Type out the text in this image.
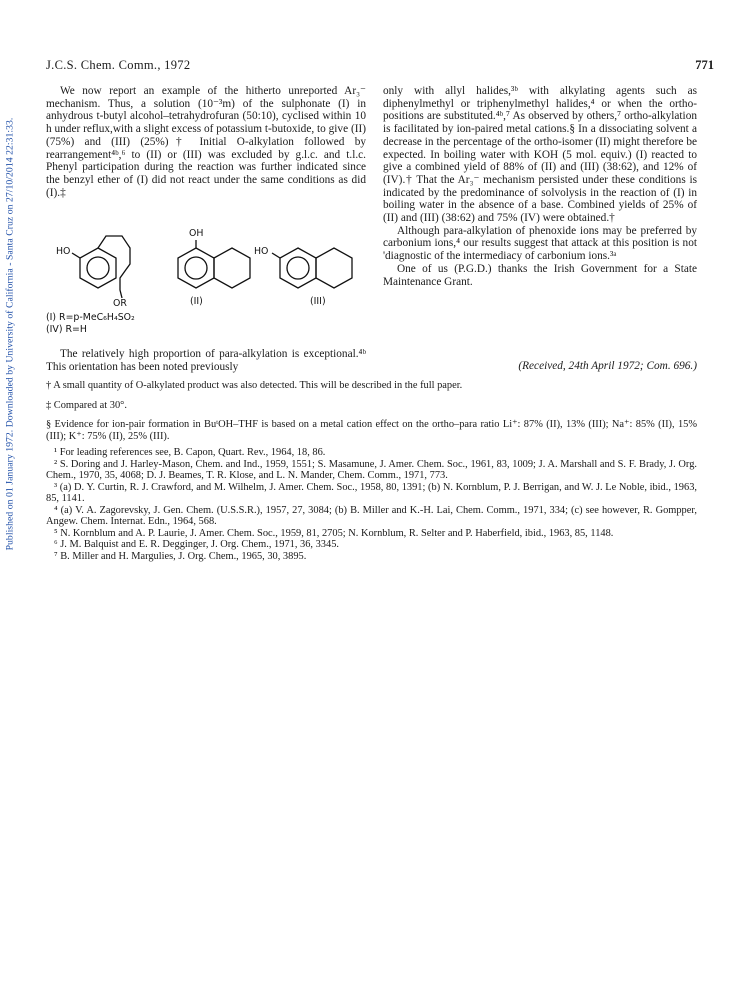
Published on 01 January 1972. Downloaded by University of California - Santa Cruz on 27/10/2014 22:31:33.
J.C.S. Chem. Comm., 1972	771

We now report an example of the hitherto unreported Ar₃⁻ mechanism. Thus, a solution (10⁻³m) of the sulphonate (I) in anhydrous t-butyl alcohol–tetrahydrofuran (50:10), cyclised within 10 h under reflux,with a slight excess of potassium t-butoxide, to give (II) (75%) and (III) (25%)† Initial O-alkylation followed by rearrangement⁴ᵇ,⁶ to (II) or (III) was excluded by g.l.c. and t.l.c. Phenyl participation during the reaction was further indicated since the benzyl ether of (I) did not react under the same conditions as did (I).‡

HO
OR
OH
HO
(II)	(III)
(I) R=p-MeC₆H₄SO₂
(IV) R=H

The relatively high proportion of para-alkylation is exceptional.⁴ᵇ This orientation has been noted previously

only with allyl halides,³ᵇ with alkylating agents such as diphenylmethyl or triphenylmethyl halides,⁴ or when the ortho-positions are substituted.⁴ᵇ,⁷ As observed by others,⁷ ortho-alkylation is facilitated by ion-paired metal cations.§ In a dissociating solvent a decrease in the percentage of the ortho-isomer (II) might therefore be expected. In boiling water with KOH (5 mol. equiv.) (I) reacted to give a combined yield of 88% of (II) and (III) (38:62), and 12% of (IV).† That the Ar₃⁻ mechanism persisted under these conditions is indicated by the predominance of solvolysis in the reaction of (I) in boiling water in the absence of a base. Combined yields of 25% of (II) and (III) (38:62) and 75% (IV) were obtained.†

Although para-alkylation of phenoxide ions may be preferred by carbonium ions,⁴ our results suggest that attack at this position is not 'diagnostic of the intermediacy of carbonium ions.³ᵃ

One of us (P.G.D.) thanks the Irish Government for a State Maintenance Grant.

(Received, 24th April 1972; Com. 696.)

† A small quantity of O-alkylated product was also detected. This will be described in the full paper.

‡ Compared at 30°.

§ Evidence for ion-pair formation in BuᵗOH–THF is based on a metal cation effect on the ortho–para ratio Li⁺: 87% (II), 13% (III); Na⁺: 85% (II), 15% (III); K⁺: 75% (II), 25% (III).

¹ For leading references see, B. Capon, Quart. Rev., 1964, 18, 86.

² S. Doring and J. Harley-Mason, Chem. and Ind., 1959, 1551; S. Masamune, J. Amer. Chem. Soc., 1961, 83, 1009; J. A. Marshall and S. F. Brady, J. Org. Chem., 1970, 35, 4068; D. J. Beames, T. R. Klose, and L. N. Mander, Chem. Comm., 1971, 773.

³ (a) D. Y. Curtin, R. J. Crawford, and M. Wilhelm, J. Amer. Chem. Soc., 1958, 80, 1391; (b) N. Kornblum, P. J. Berrigan, and W. J. Le Noble, ibid., 1963, 85, 1141.

⁴ (a) V. A. Zagorevsky, J. Gen. Chem. (U.S.S.R.), 1957, 27, 3084; (b) B. Miller and K.-H. Lai, Chem. Comm., 1971, 334; (c) see however, R. Gompper, Angew. Chem. Internat. Edn., 1964, 568.

⁵ N. Kornblum and A. P. Laurie, J. Amer. Chem. Soc., 1959, 81, 2705; N. Kornblum, R. Selter and P. Haberfield, ibid., 1963, 85, 1148.

⁶ J. M. Balquist and E. R. Degginger, J. Org. Chem., 1971, 36, 3345.

⁷ B. Miller and H. Margulies, J. Org. Chem., 1965, 30, 3895.
